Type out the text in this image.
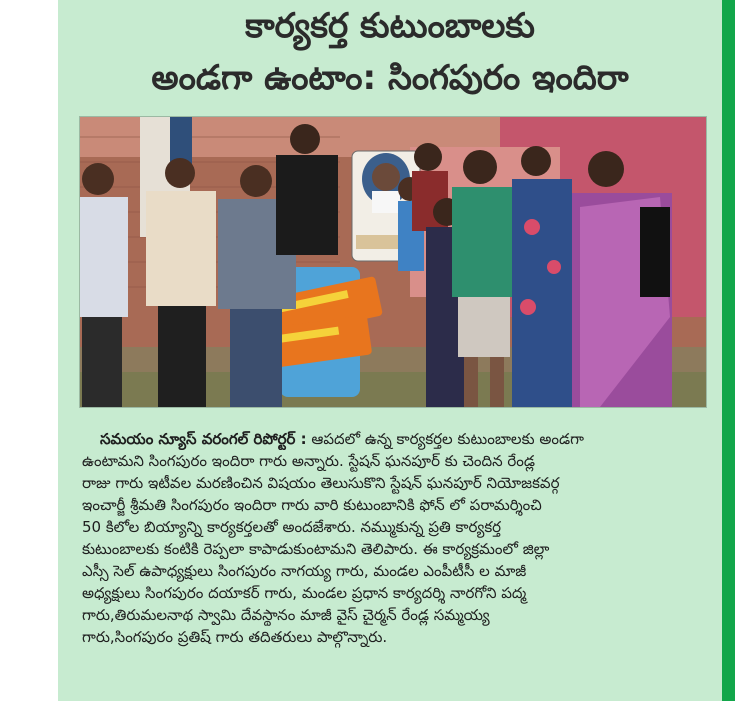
కార్యకర్త కుటుంబాలకు
అండగా ఉంటాం: సింగపురం ఇందిరా

సమయం న్యూస్ వరంగల్ రిపోర్టర్ : ఆపదలో ఉన్న కార్యకర్తల కుటుంబాలకు అండగా

ఉంటామని సింగపురం ఇందిరా గారు అన్నారు. స్టేషన్ ఘనపూర్ కు చెందిన రేండ్ల

రాజు గారు ఇటీవల మరణించిన విషయం తెలుసుకొని స్టేషన్ ఘనపూర్ నియోజకవర్గ

ఇంచార్జీ శ్రీమతి సింగపురం ఇందిరా గారు వారి కుటుంబానికి ఫోన్ లో పరామర్శించి

50 కిలోల బియ్యాన్ని కార్యకర్తలతో అందజేశారు. నమ్ముకున్న ప్రతి కార్యకర్త

కుటుంబాలకు కంటికి రెప్పలా కాపాడుకుంటామని తెలిపారు. ఈ కార్యక్రమంలో జిల్లా

ఎస్సీ సెల్ ఉపాధ్యక్షులు సింగపురం నాగయ్య గారు, మండల ఎంపీటీసీ ల మాజీ

అధ్యక్షులు సింగపురం దయాకర్ గారు, మండల ప్రధాన కార్యదర్శి నారగోని పద్మ

గారు,తిరుమలనాథ స్వామి దేవస్థానం మాజీ వైస్ చైర్మన్ రేండ్ల సమ్మయ్య

గారు,సింగపురం ప్రతిష్ గారు తదితరులు పాల్గొన్నారు.
